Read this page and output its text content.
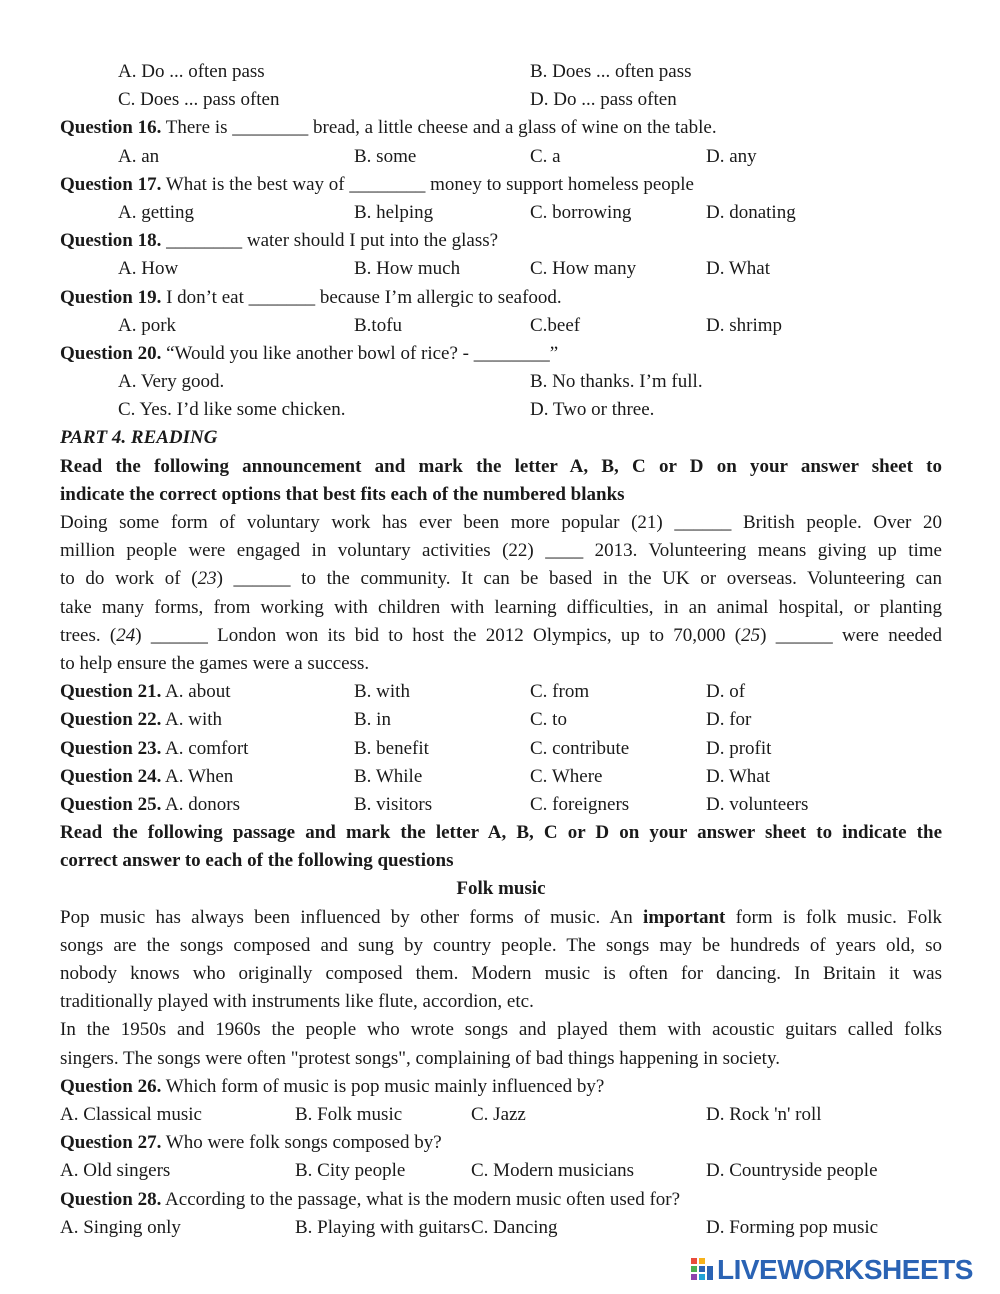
A. Do ... often pass	B. Does ... often pass
C. Does ... pass often	D. Do ... pass often
Question 16. There is ________ bread, a little cheese and a glass of wine on the table.
A. an	B. some	C. a	D. any
Question 17. What is the best way of ________ money to support homeless people
A. getting	B. helping	C. borrowing	D. donating
Question 18. ________ water should I put into the glass?
A. How	B. How much	C. How many	D. What
Question 19. I don’t eat _______ because I’m allergic to seafood.
A. pork	B.tofu	C.beef	D. shrimp
Question 20. “Would you like another bowl of rice? - ________”
A. Very good.	B. No thanks. I’m full.
C. Yes. I’d like some chicken.	D. Two or three.
PART 4. READING
Read the following announcement and mark the letter A, B, C or D on your answer sheet to
indicate the correct options that best fits each of the numbered blanks
Doing some form of voluntary work has ever been more popular (21) ______ British people. Over 20
million people were engaged in voluntary activities (22) ____ 2013. Volunteering means giving up time
to do work of (23) ______ to the community. It can be based in the UK or overseas. Volunteering can
take many forms, from working with children with learning difficulties, in an animal hospital, or planting
trees. (24) ______ London won its bid to host the 2012 Olympics, up to 70,000 (25) ______ were needed
to help ensure the games were a success.
Question 21. A. about	B. with	C. from	D. of
Question 22. A. with	B. in	C. to	D. for
Question 23. A. comfort	B. benefit	C. contribute	D. profit
Question 24. A. When	B. While	C. Where	D. What
Question 25. A. donors	B. visitors	C. foreigners	D. volunteers
Read the following passage and mark the letter A, B, C or D on your answer sheet to indicate the
correct answer to each of the following questions
Folk music
Pop music has always been influenced by other forms of music. An important form is folk music. Folk
songs are the songs composed and sung by country people. The songs may be hundreds of years old, so
nobody knows who originally composed them. Modern music is often for dancing. In Britain it was
traditionally played with instruments like flute, accordion, etc.
In the 1950s and 1960s the people who wrote songs and played them with acoustic guitars called folks
singers. The songs were often "protest songs", complaining of bad things happening in society.
Question 26. Which form of music is pop music mainly influenced by?
A. Classical music	B. Folk music	C. Jazz	D. Rock 'n' roll
Question 27. Who were folk songs composed by?
A. Old singers	B. City people	C. Modern musicians	D. Countryside people
Question 28. According to the passage, what is the modern music often used for?
A. Singing only	B. Playing with guitars C. Dancing	D. Forming pop music
LIVEWORKSHEETS
